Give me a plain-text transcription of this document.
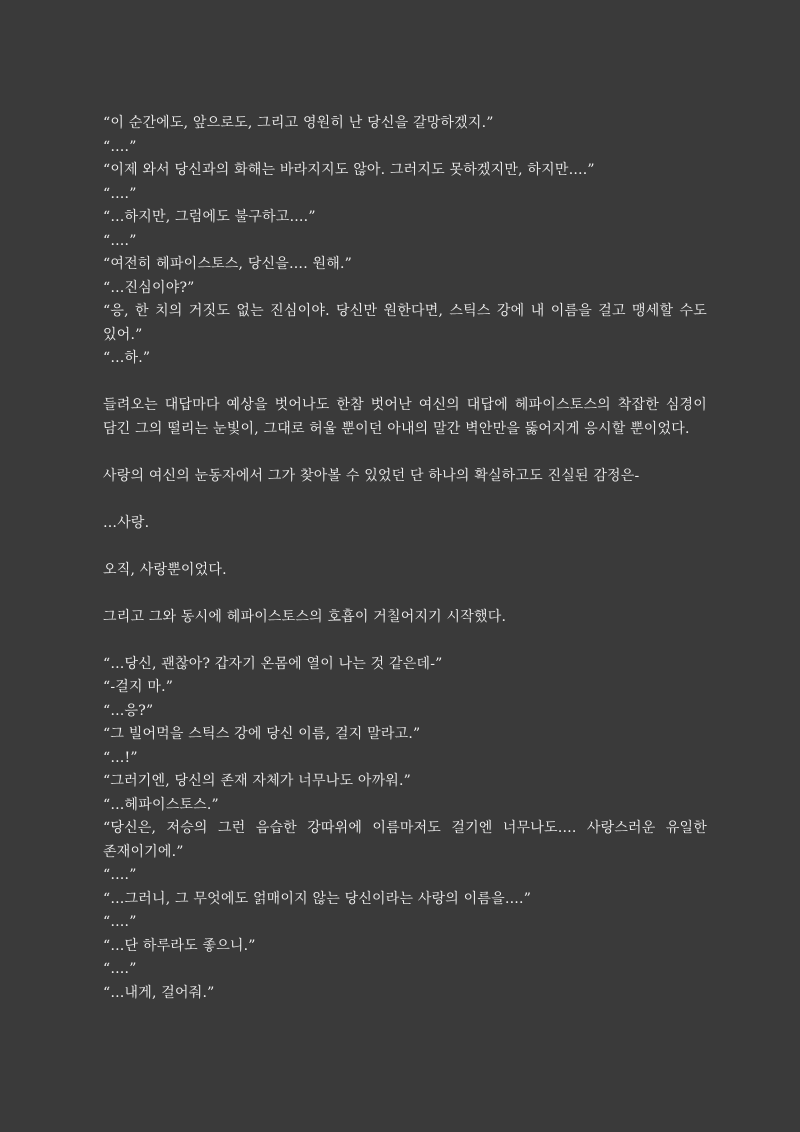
“이 순간에도, 앞으로도, 그리고 영원히 난 당신을 갈망하겠지.”
“….”
“이제 와서 당신과의 화해는 바라지지도 않아. 그러지도 못하겠지만, 하지만….”
“….”
“…하지만, 그럼에도 불구하고….”
“….”
“여전히 헤파이스토스, 당신을…. 원해.”
“…진심이야?”
“응, 한 치의 거짓도 없는 진심이야. 당신만 원한다면, 스틱스 강에 내 이름을 걸고 맹세할 수도 있어.”
“…하.”
들려오는 대답마다 예상을 벗어나도 한참 벗어난 여신의 대답에 헤파이스토스의 착잡한 심경이 담긴 그의 떨리는 눈빛이, 그대로 허울 뿐이던 아내의 말간 벽안만을 뚫어지게 응시할 뿐이었다.
사랑의 여신의 눈동자에서 그가 찾아볼 수 있었던 단 하나의 확실하고도 진실된 감정은-
…사랑.
오직, 사랑뿐이었다.
그리고 그와 동시에 헤파이스토스의 호흡이 거칠어지기 시작했다.
“…당신, 괜찮아? 갑자기 온몸에 열이 나는 것 같은데-”
“-걸지 마.”
“…응?”
“그 빌어먹을 스틱스 강에 당신 이름, 걸지 말라고.”
“…!”
“그러기엔, 당신의 존재 자체가 너무나도 아까워.”
“…헤파이스토스.”
“당신은, 저승의 그런 음습한 강따위에 이름마저도 걸기엔 너무나도…. 사랑스러운 유일한 존재이기에.”
“….”
“…그러니, 그 무엇에도 얽매이지 않는 당신이라는 사랑의 이름을….”
“….”
“…단 하루라도 좋으니.”
“….”
“…내게, 걸어줘.”
